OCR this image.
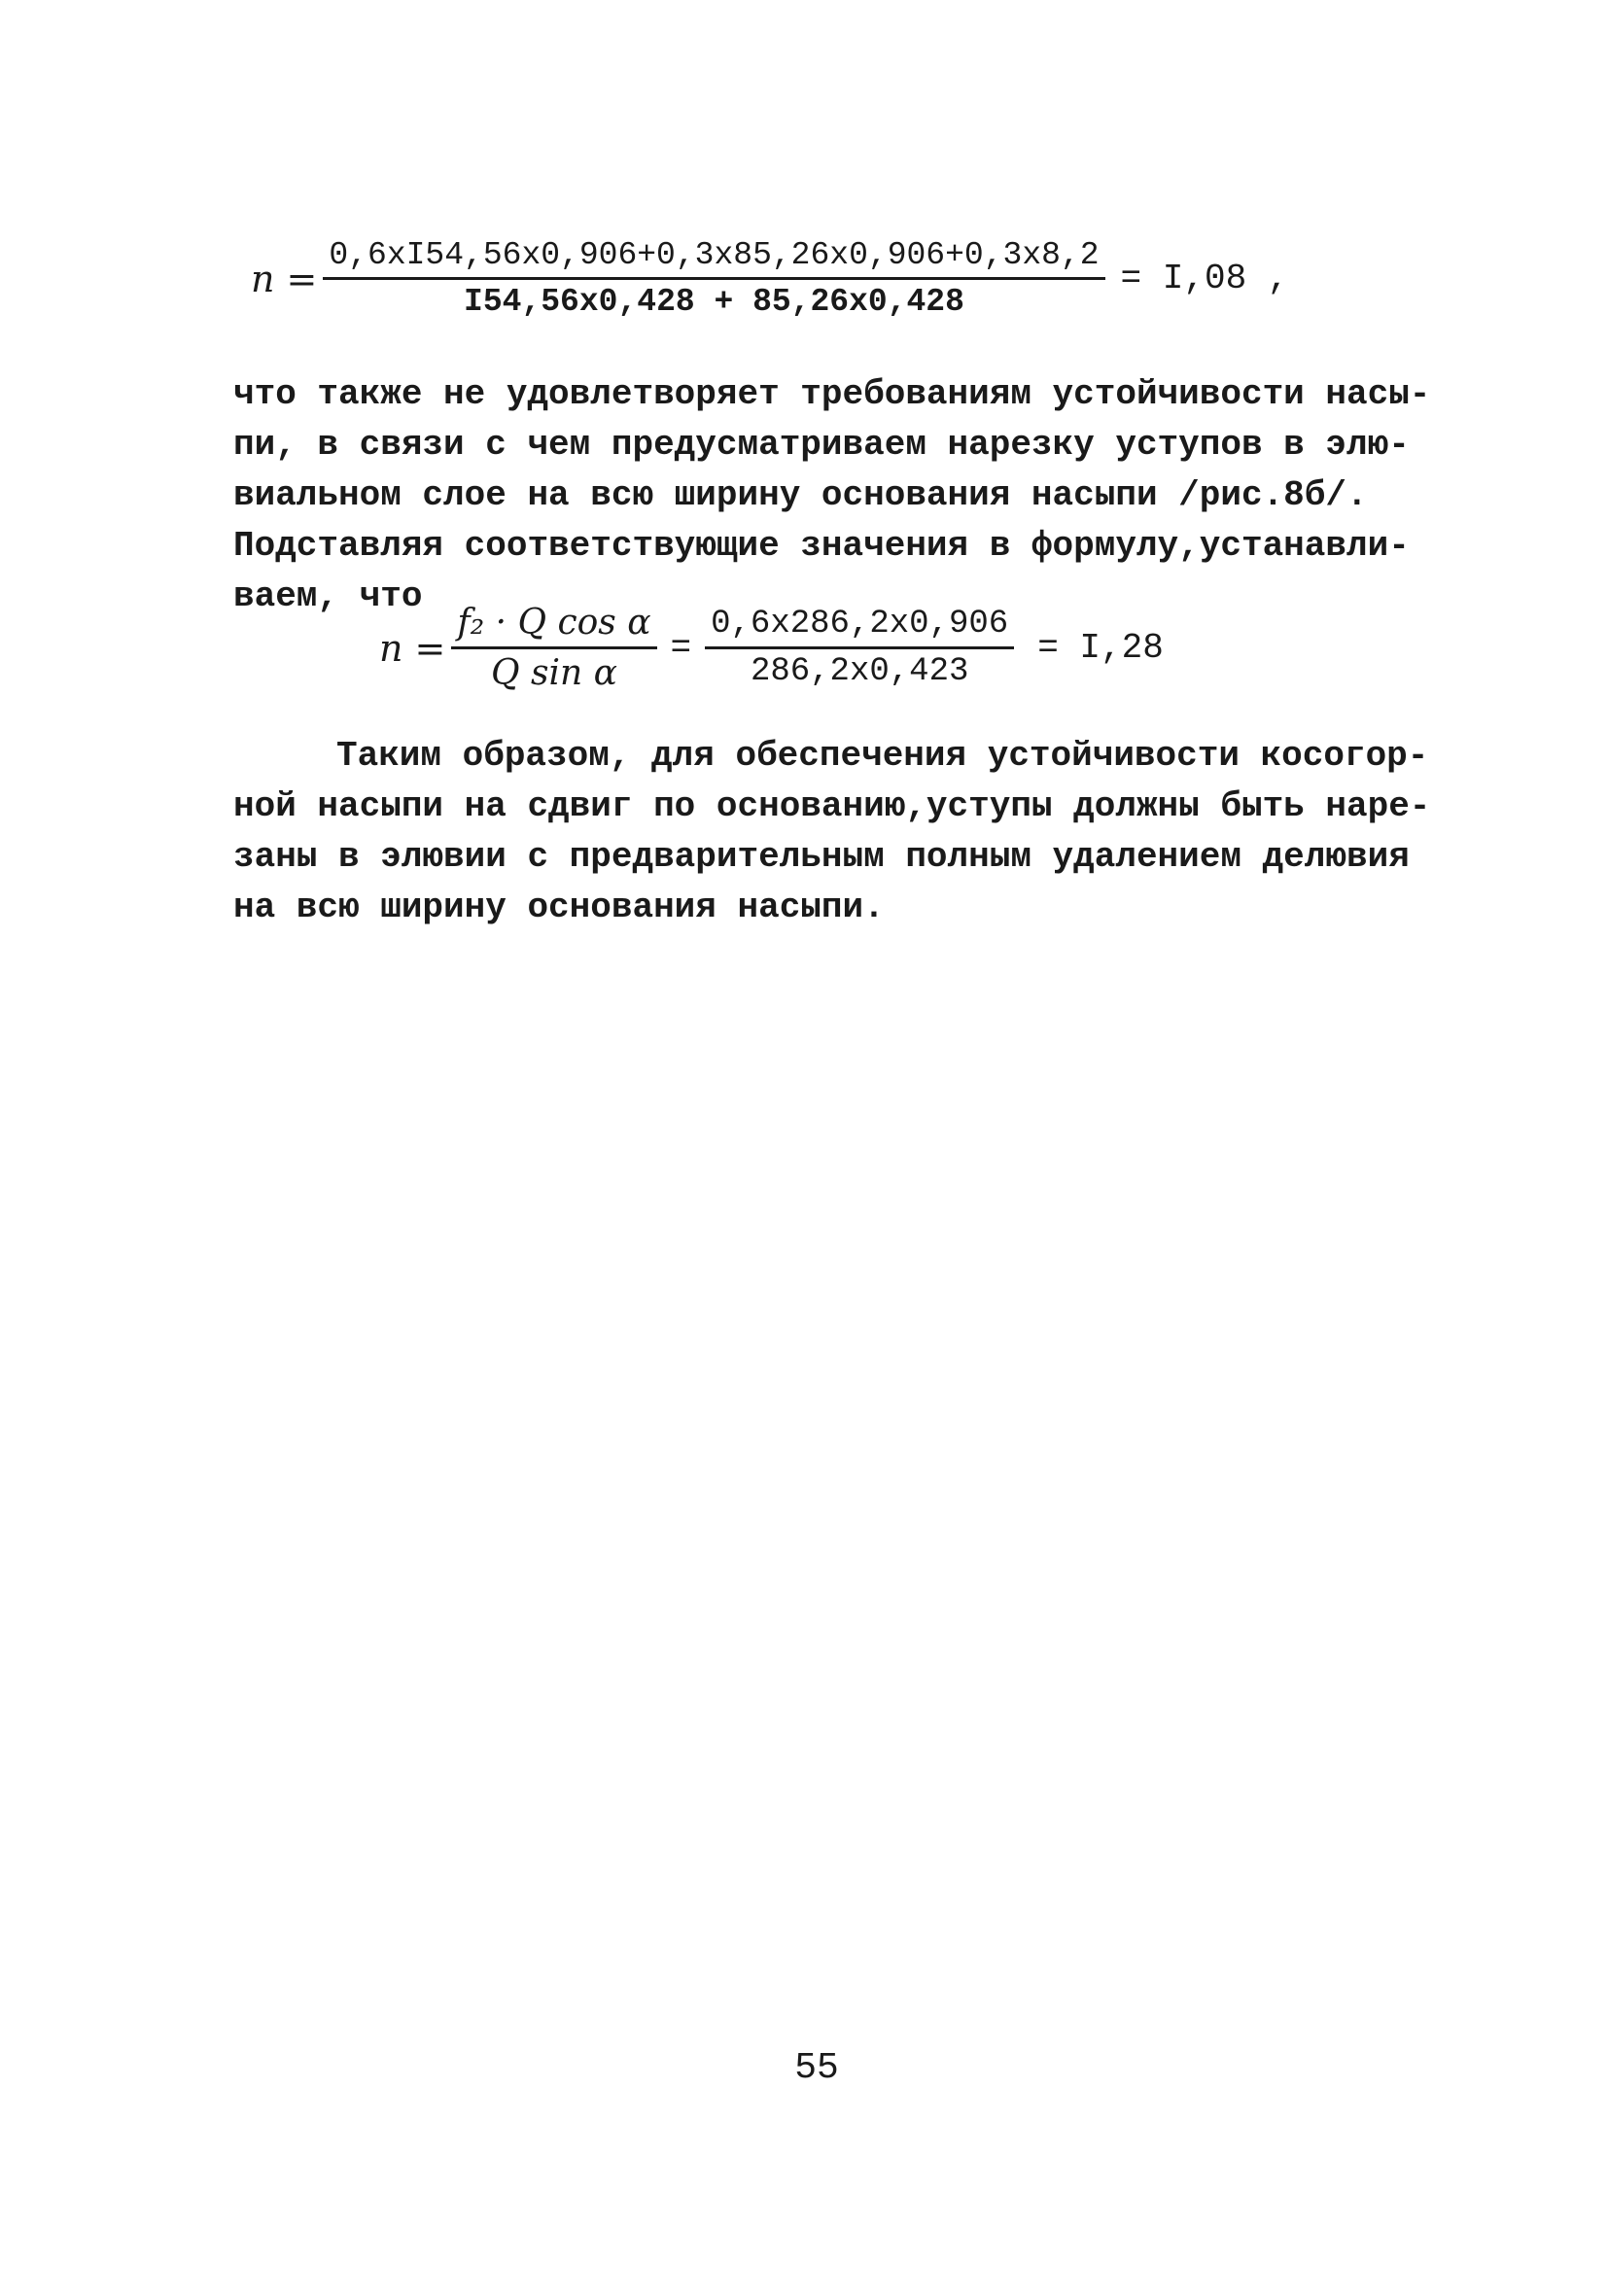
$n = \frac{0,6xI54,56x0,906+0,3x85,26x0,906+0,3x8,2}{I54,56x0,428 + 85,26x0,428} = I,08$ ,
что также не удовлетворяет требованиям устойчивости насы-
пи, в связи с чем предусматриваем нарезку уступов в элю-
виальном слое на всю ширину основания насыпи /рис.8б/.
Подставляя соответствующие значения в формулу,устанавли-
ваем, что
$n = \frac{\text{f₂ · Q cos α}}{\text{Q sin α}} = \frac{0,6x286,2x0,906}{286,2x0,423} = I,28$
Таким образом, для обеспечения устойчивости косогор-
ной насыпи на сдвиг по основанию,уступы должны быть наре-
заны в элювии с предварительным полным удалением делювия
на всю ширину основания насыпи.
55
